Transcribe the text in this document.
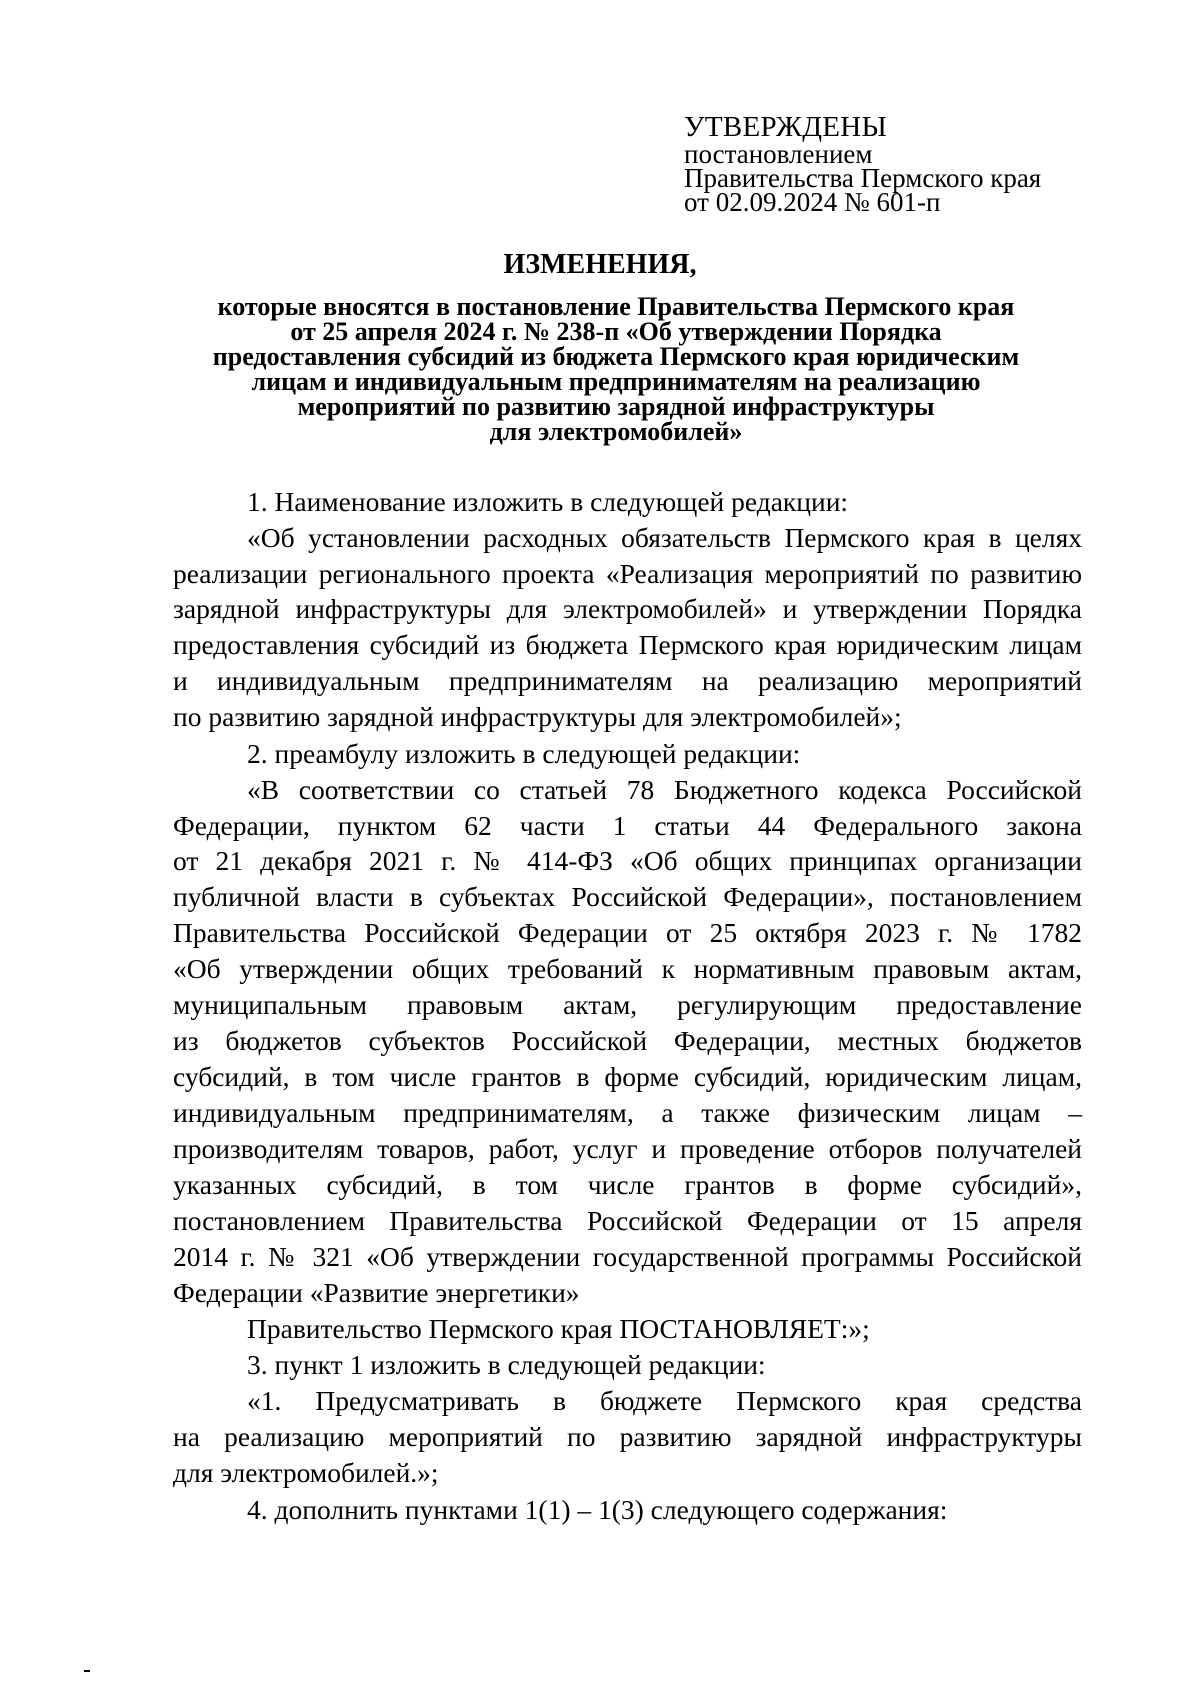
УТВЕРЖДЕНЫ
постановлением
Правительства Пермского края
от 02.09.2024 № 601-п
ИЗМЕНЕНИЯ,
которые вносятся в постановление Правительства Пермского края
от 25 апреля 2024 г. № 238-п «Об утверждении Порядка
предоставления субсидий из бюджета Пермского края юридическим
лицам и индивидуальным предпринимателям на реализацию
мероприятий по развитию зарядной инфраструктуры
для электромобилей»
1. Наименование изложить в следующей редакции:
«Об установлении расходных обязательств Пермского края в целях
реализации регионального проекта «Реализация мероприятий по развитию
зарядной инфраструктуры для электромобилей» и утверждении Порядка
предоставления субсидий из бюджета Пермского края юридическим лицам
и индивидуальным предпринимателям на реализацию мероприятий
по развитию зарядной инфраструктуры для электромобилей»;
2. преамбулу изложить в следующей редакции:
«В соответствии со статьей 78 Бюджетного кодекса Российской
Федерации, пунктом 62 части 1 статьи 44 Федерального закона
от 21 декабря 2021 г. № 414-ФЗ «Об общих принципах организации
публичной власти в субъектах Российской Федерации», постановлением
Правительства Российской Федерации от 25 октября 2023 г. № 1782
«Об утверждении общих требований к нормативным правовым актам,
муниципальным правовым актам, регулирующим предоставление
из бюджетов субъектов Российской Федерации, местных бюджетов
субсидий, в том числе грантов в форме субсидий, юридическим лицам,
индивидуальным предпринимателям, а также физическим лицам –
производителям товаров, работ, услуг и проведение отборов получателей
указанных субсидий, в том числе грантов в форме субсидий»,
постановлением Правительства Российской Федерации от 15 апреля
2014 г. № 321 «Об утверждении государственной программы Российской
Федерации «Развитие энергетики»
Правительство Пермского края ПОСТАНОВЛЯЕТ:»;
3. пункт 1 изложить в следующей редакции:
«1. Предусматривать в бюджете Пермского края средства
на реализацию мероприятий по развитию зарядной инфраструктуры
для электромобилей.»;
4. дополнить пунктами 1(1) – 1(3) следующего содержания:
